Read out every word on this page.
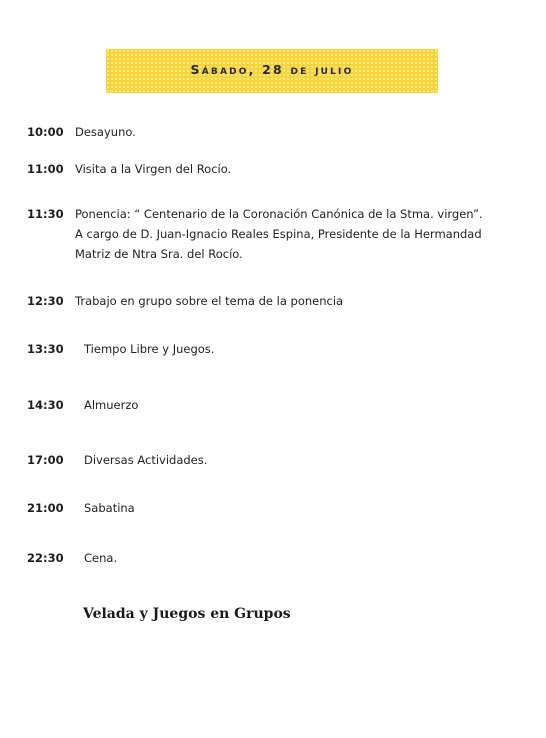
Sábado, 28 de julio
10:00 Desayuno.
11:00 Visita a la Virgen del Rocío.
11:30 Ponencia: “ Centenario de la Coronación Canónica de la Stma. virgen”.
A cargo de D. Juan-Ignacio Reales Espina, Presidente de la Hermandad
Matriz de Ntra Sra. del Rocío.
12:30 Trabajo en grupo sobre el tema de la ponencia
13:30	Tiempo Libre y Juegos.
14:30	Almuerzo
17:00	Diversas Actividades.
21:00	Sabatina
22:30	Cena.
Velada y Juegos en Grupos
